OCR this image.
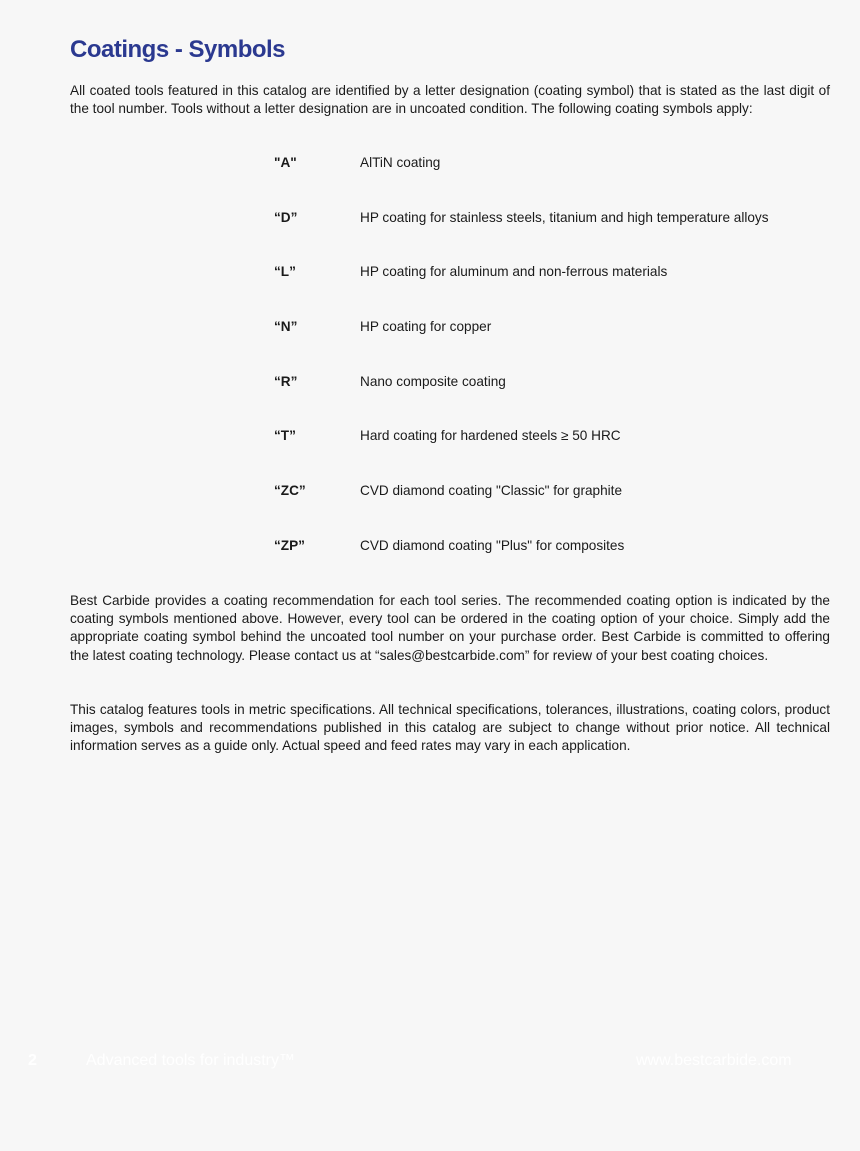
Coatings - Symbols

All coated tools featured in this catalog are identified by a letter designation (coating symbol) that is stated as the last digit of the tool number. Tools without a letter designation are in uncoated condition. The following coating symbols apply:

"A"	AlTiN coating
“D”	HP coating for stainless steels, titanium and high temperature alloys
“L”	HP coating for aluminum and non-ferrous materials
“N”	HP coating for copper
“R”	Nano composite coating
“T”	Hard coating for hardened steels ≥ 50 HRC
“ZC”	CVD diamond coating "Classic" for graphite
“ZP”	CVD diamond coating "Plus" for composites

Best Carbide provides a coating recommendation for each tool series. The recommended coating option is indicated by the coating symbols mentioned above. However, every tool can be ordered in the coating option of your choice. Simply add the appropriate coating symbol behind the uncoated tool number on your purchase order. Best Carbide is committed to offering the latest coating technology. Please contact us at “sales@bestcarbide.com” for review of your best coating choices.

This catalog features tools in metric specifications. All technical specifications, tolerances, illustrations, coating colors, product images, symbols and recommendations published in this catalog are subject to change without prior notice. All technical information serves as a guide only. Actual speed and feed rates may vary in each application.

2	Advanced tools for industry™	www.bestcarbide.com
